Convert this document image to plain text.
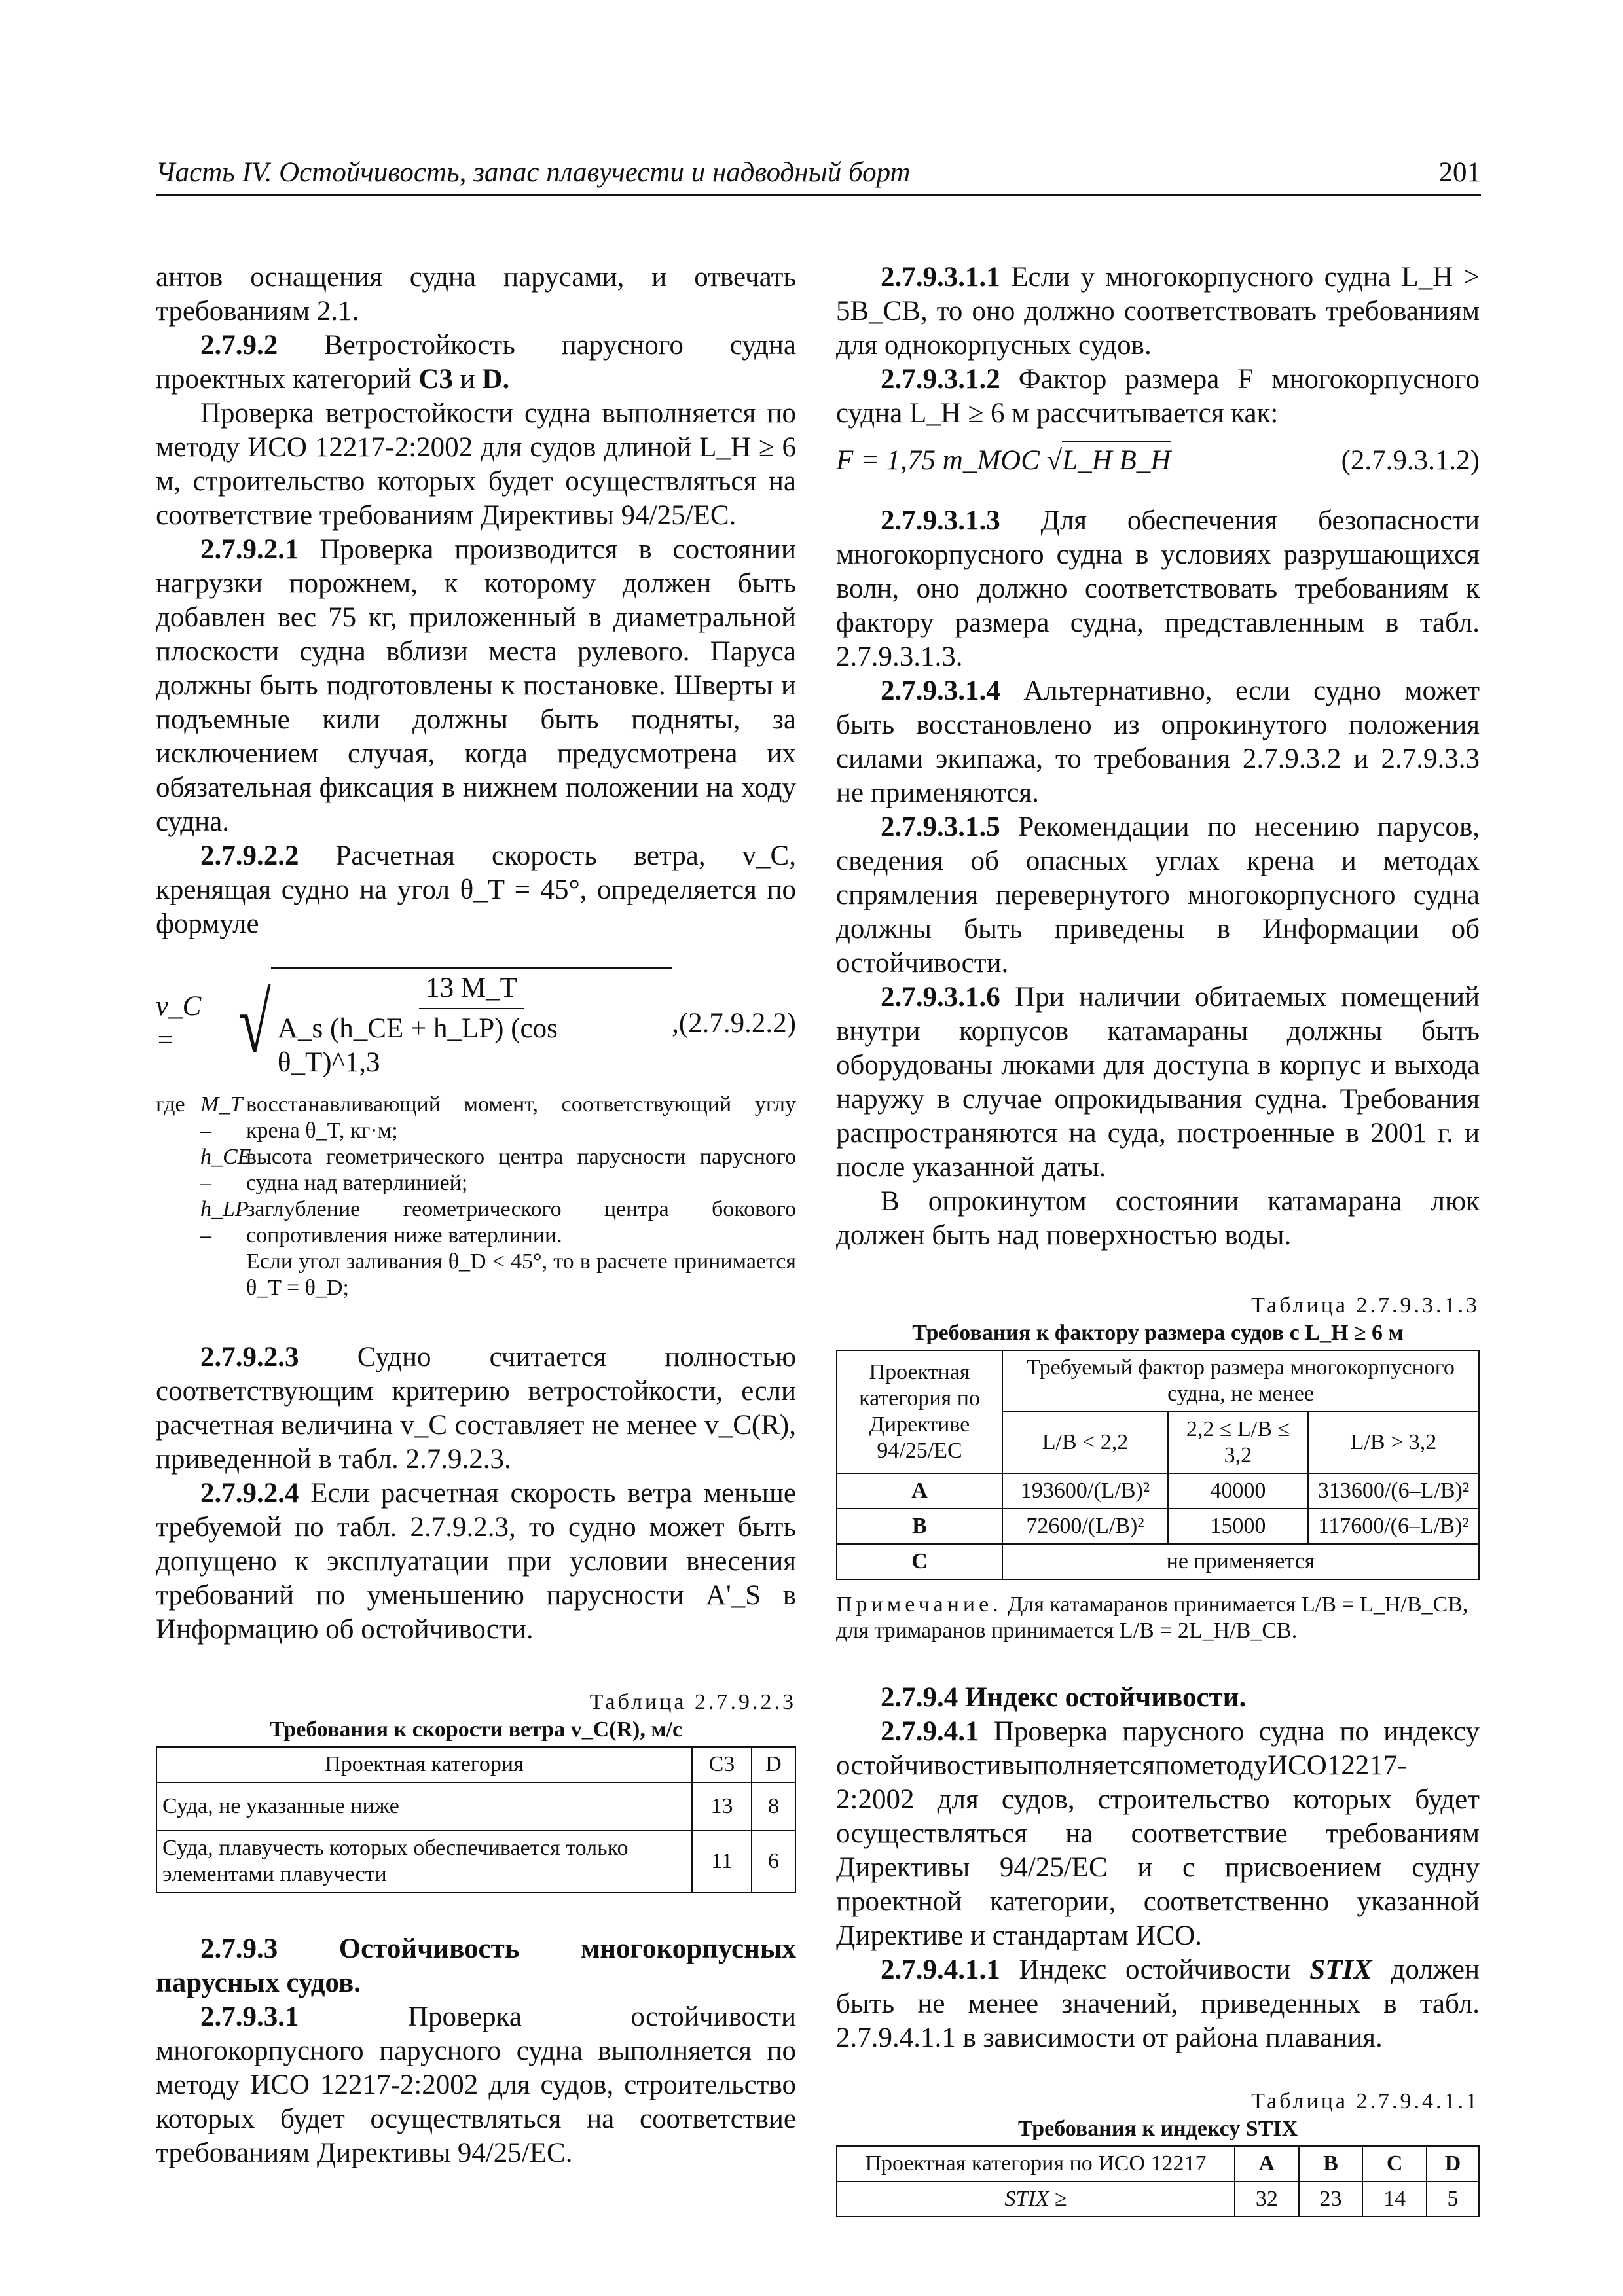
Часть IV. Остойчивость, запас плавучести и надводный борт	201

антов оснащения судна парусами, и отвечать требованиям 2.1.

2.7.9.2 Ветростойкость парусного судна проектных категорий C3 и D.

Проверка ветростойкости судна выполняется по методу ИСО 12217-2:2002 для судов длиной L_H ≥ 6 м, строительство которых будет осуществляться на соответствие требованиям Директивы 94/25/ЕС.

2.7.9.2.1 Проверка производится в состоянии нагрузки порожнем, к которому должен быть добавлен вес 75 кг, приложенный в диаметральной плоскости судна вблизи места рулевого. Паруса должны быть подготовлены к постановке. Шверты и подъемные кили должны быть подняты, за исключением случая, когда предусмотрена их обязательная фиксация в нижнем положении на ходу судна.

2.7.9.2.2 Расчетная скорость ветра, v_C, кренящая судно на угол θ_T = 45°, определяется по формуле

v_C = √ $\frac{13 M\_T}{\text{A\_s (h\_CE + h\_LP) (cos θ\_T)\textasciicircum{}1,3}}$ , (2.7.9.2.2)
где M_T –
восстанавливающий момент, соответствующий углу крена θ_T, кг·м;
h_CE –
высота геометрического центра парусности парусного судна над ватерлинией;
h_LP –
заглубление геометрического центра бокового сопротивления ниже ватерлинии.
Если угол заливания θ_D < 45°, то в расчете принимается θ_T = θ_D;

2.7.9.2.3 Судно считается полностью соответствующим критерию ветростойкости, если расчетная величина v_C составляет не менее v_C(R), приведенной в табл. 2.7.9.2.3.

2.7.9.2.4 Если расчетная скорость ветра меньше требуемой по табл. 2.7.9.2.3, то судно может быть допущено к эксплуатации при условии внесения требований по уменьшению парусности A'_S в Информацию об остойчивости.

Таблица 2.7.9.2.3
Требования к скорости ветра v_C(R), м/с
Проектная категория	C3	D
Суда, не указанные ниже	13	8
Суда, плавучесть которых обеспечивается только элементами плавучести	11	6

2.7.9.3 Остойчивость многокорпусных парусных судов.

2.7.9.3.1 Проверка остойчивости многокорпусного парусного судна выполняется по методу ИСО 12217-2:2002 для судов, строительство которых будет осуществляться на соответствие требованиям Директивы 94/25/ЕС.

2.7.9.3.1.1 Если у многокорпусного судна L_H > 5B_CB, то оно должно соответствовать требованиям для однокорпусных судов.

2.7.9.3.1.2 Фактор размера F многокорпусного судна L_H ≥ 6 м рассчитывается как:

F = 1,75 m_MOC √L_H B_H	(2.7.9.3.1.2)

2.7.9.3.1.3 Для обеспечения безопасности многокорпусного судна в условиях разрушающихся волн, оно должно соответствовать требованиям к фактору размера судна, представленным в табл. 2.7.9.3.1.3.

2.7.9.3.1.4 Альтернативно, если судно может быть восстановлено из опрокинутого положения силами экипажа, то требования 2.7.9.3.2 и 2.7.9.3.3 не применяются.

2.7.9.3.1.5 Рекомендации по несению парусов, сведения об опасных углах крена и методах спрямления перевернутого многокорпусного судна должны быть приведены в Информации об остойчивости.

2.7.9.3.1.6 При наличии обитаемых помещений внутри корпусов катамараны должны быть оборудованы люками для доступа в корпус и выхода наружу в случае опрокидывания судна. Требования распространяются на суда, построенные в 2001 г. и после указанной даты.

В опрокинутом состоянии катамарана люк должен быть над поверхностью воды.

Таблица 2.7.9.3.1.3
Требования к фактору размера судов с L_H ≥ 6 м
Проектная категория по Директиве 94/25/ЕС	Требуемый фактор размера многокорпусного судна, не менее		
	L/B < 2,2	2,2 ≤ L/B ≤ 3,2	L/B > 3,2
A	193600/(L/B)²	40000	313600/(6–L/B)²
B	72600/(L/B)²	15000	117600/(6–L/B)²
C	не применяется		
Примечание. Для катамаранов принимается L/B = L_H/B_CB, для тримаранов принимается L/B = 2L_H/B_CB.

2.7.9.4 Индекс остойчивости.

2.7.9.4.1 Проверка парусного судна по индексу остойчивостивыполняетсяпометодуИСО12217-2:2002 для судов, строительство которых будет осуществляться на соответствие требованиям Директивы 94/25/ЕС и с присвоением судну проектной категории, соответственно указанной Директиве и стандартам ИСО.

2.7.9.4.1.1 Индекс остойчивости STIX должен быть не менее значений, приведенных в табл. 2.7.9.4.1.1 в зависимости от района плавания.

Таблица 2.7.9.4.1.1
Требования к индексу STIX
Проектная категория по ИСО 12217	A	B	C	D
STIX ≥	32	23	14	5
